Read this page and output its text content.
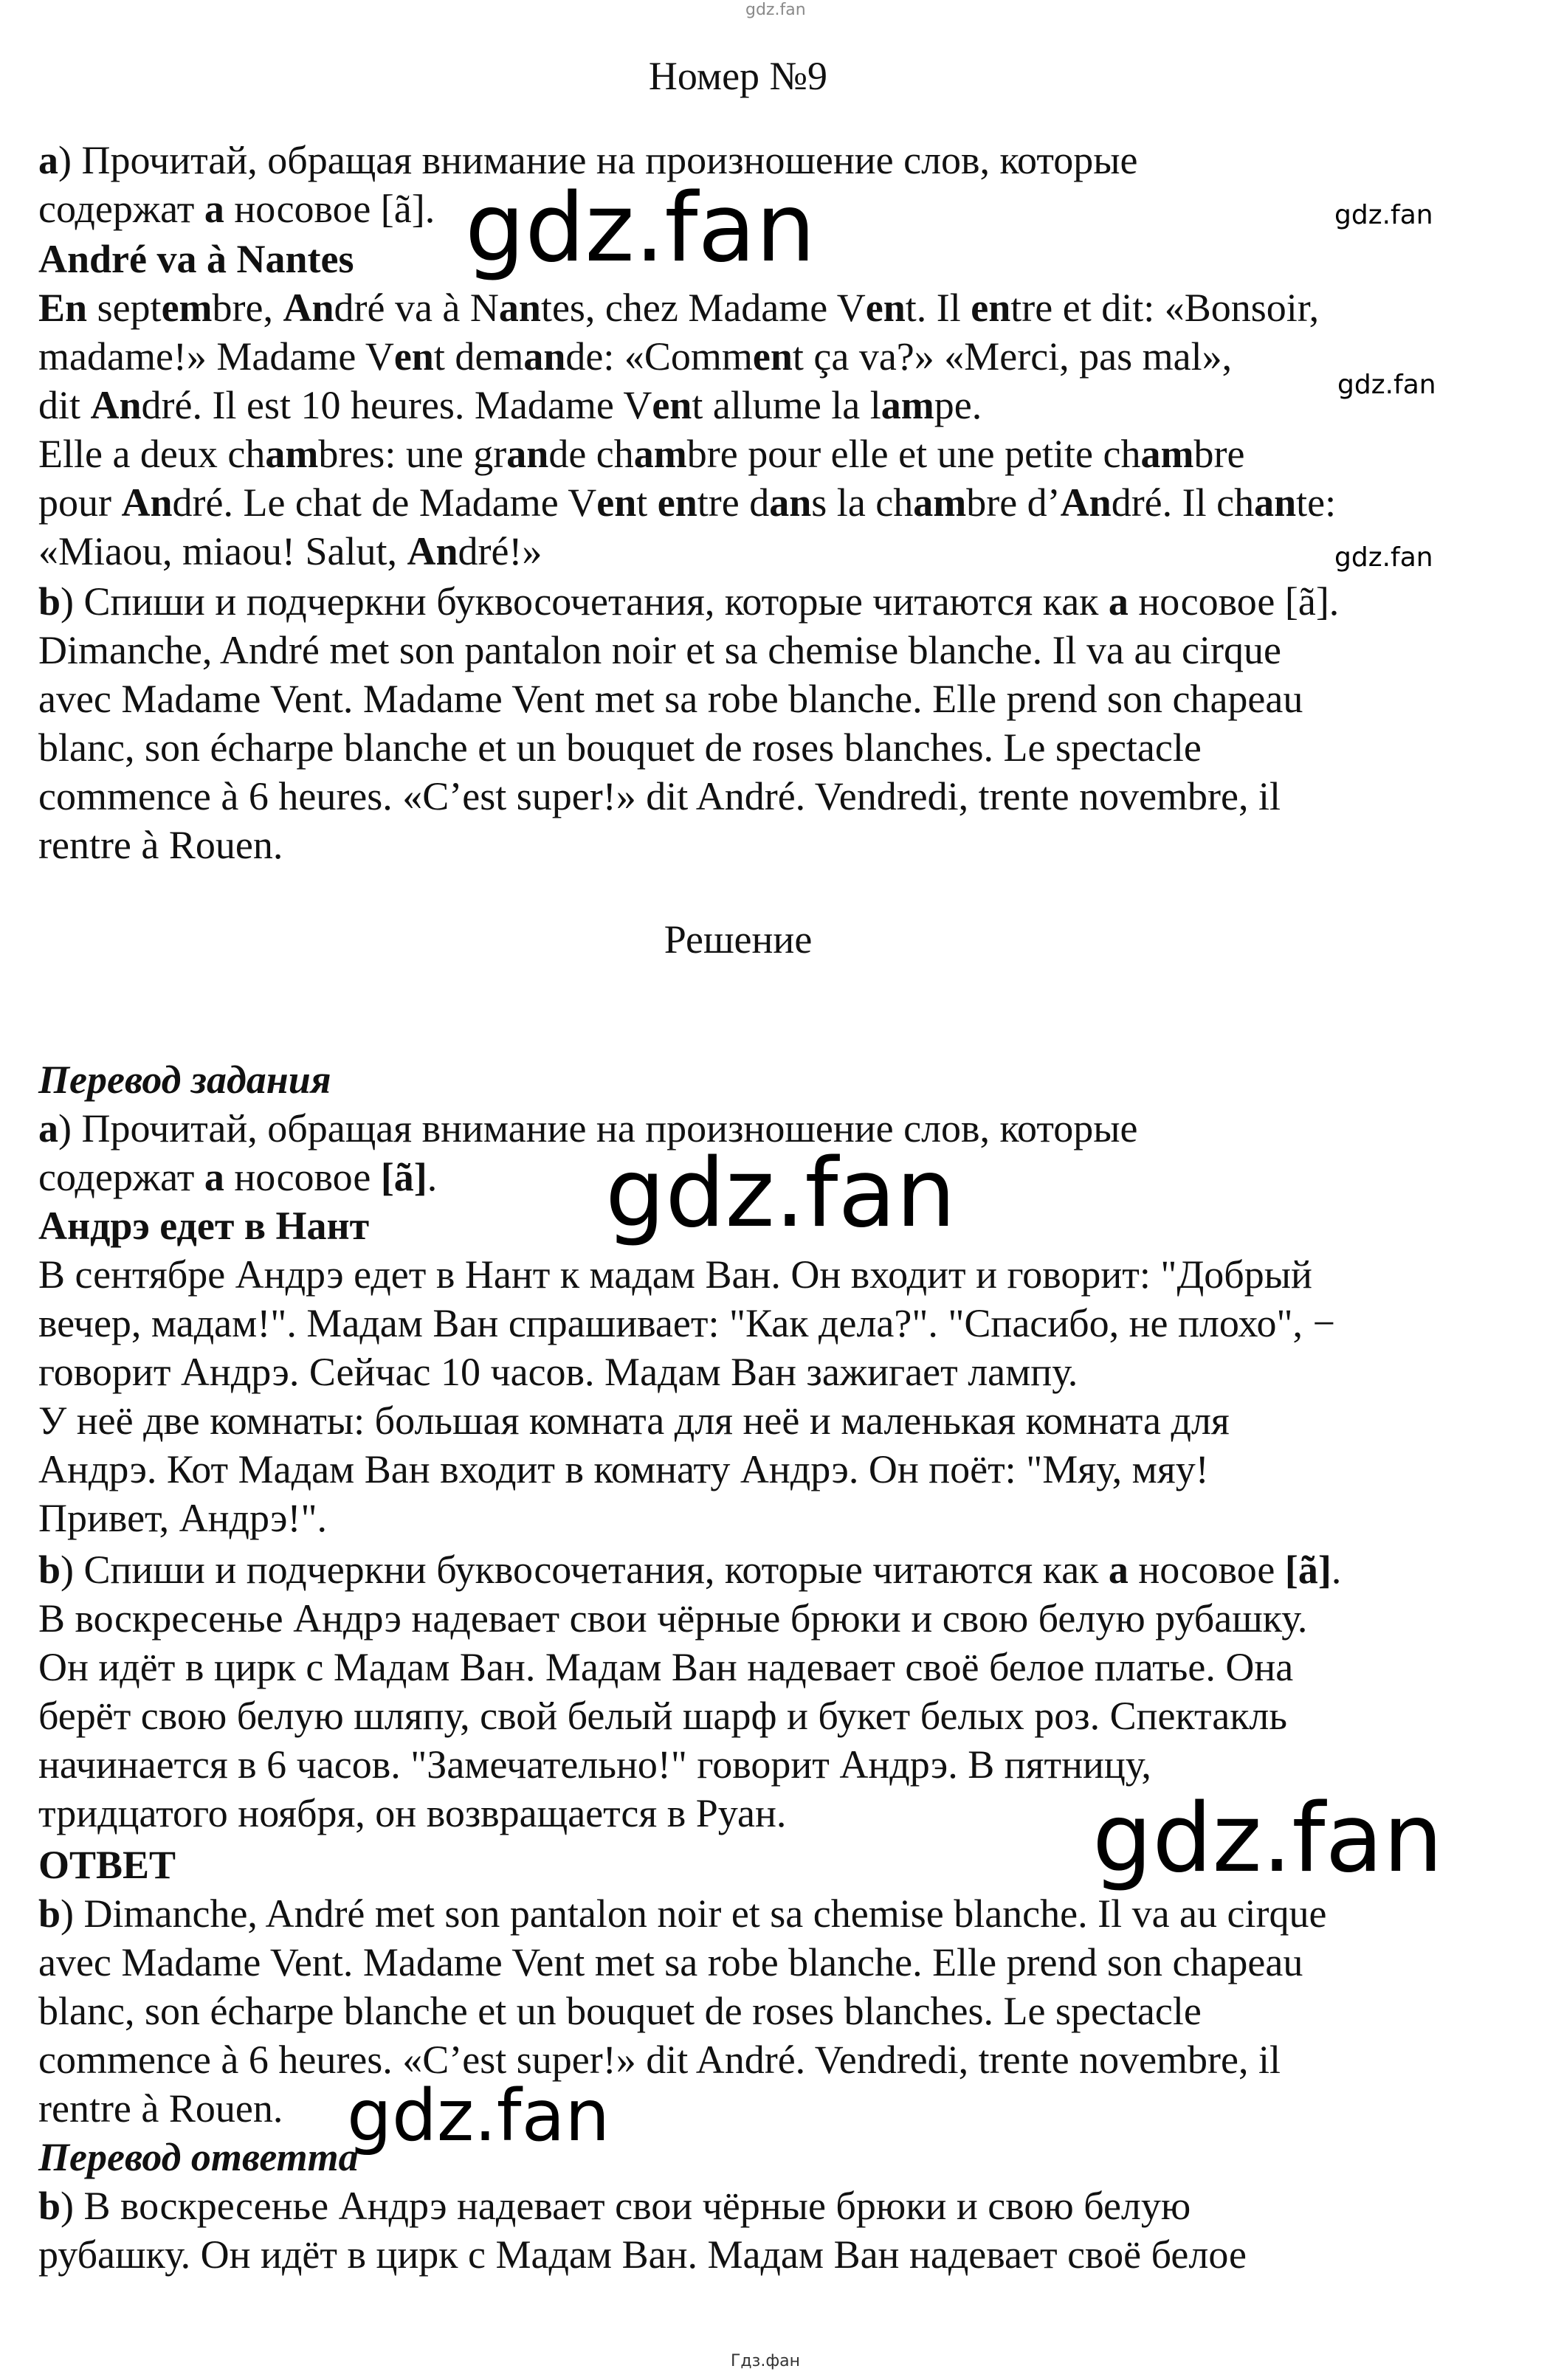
gdz.fan
Номер №9
a) Прочитай, обращая внимание на произношение слов, которые
содержат a носовое [ã].
André va à Nantes
En septembre, André va à Nantes, chez Madame Vent. Il entre et dit: «Bonsoir,
madame!» Madame Vent demande: «Comment ça va?» «Merci, pas mal»,
dit André. Il est 10 heures. Madame Vent allume la lampe.
Elle a deux chambres: une grande chambre pour elle et une petite chambre
pour André. Le chat de Madame Vent entre dans la chambre d’André. Il chante:
«Miaou, miaou! Salut, André!»
b) Спиши и подчеркни буквосочетания, которые читаются как a носовое [ã].
Dimanche, André met son pantalon noir et sa chemise blanche. Il va au cirque
avec Madame Vent. Madame Vent met sa robe blanche. Elle prend son chapeau
blanc, son écharpe blanche et un bouquet de roses blanches. Le spectacle
commence à 6 heures. «C’est super!» dit André. Vendredi, trente novembre, il
rentre à Rouen.
Решение
Перевод задания
a) Прочитай, обращая внимание на произношение слов, которые
содержат а носовое [ã].
Андрэ едет в Нант
В сентябре Андрэ едет в Нант к мадам Ван. Он входит и говорит: "Добрый
вечер, мадам!". Мадам Ван спрашивает: "Как дела?". "Спасибо, не плохо", −
говорит Андрэ. Сейчас 10 часов. Мадам Ван зажигает лампу.
У неё две комнаты: большая комната для неё и маленькая комната для
Андрэ. Кот Мадам Ван входит в комнату Андрэ. Он поёт: "Мяу, мяу!
Привет, Андрэ!".
b) Спиши и подчеркни буквосочетания, которые читаются как а носовое [ã].
В воскресенье Андрэ надевает свои чёрные брюки и свою белую рубашку.
Он идёт в цирк с Мадам Ван. Мадам Ван надевает своё белое платье. Она
берёт свою белую шляпу, свой белый шарф и букет белых роз. Спектакль
начинается в 6 часов. "Замечательно!" говорит Андрэ. В пятницу,
тридцатого ноября, он возвращается в Руан.
ОТВЕТ
b) Dimanche, André met son pantalon noir et sa chemise blanche. Il va au cirque
avec Madame Vent. Madame Vent met sa robe blanche. Elle prend son chapeau
blanc, son écharpe blanche et un bouquet de roses blanches. Le spectacle
commence à 6 heures. «C’est super!» dit André. Vendredi, trente novembre, il
rentre à Rouen.
Перевод ответта
b) В воскресенье Андрэ надевает свои чёрные брюки и свою белую
рубашку. Он идёт в цирк с Мадам Ван. Мадам Ван надевает своё белое
gdz.fan	gdz.fan
gdz.fan
gdz.fan
gdz.fan
gdz.fan
gdz.fan
Гдз.фан
